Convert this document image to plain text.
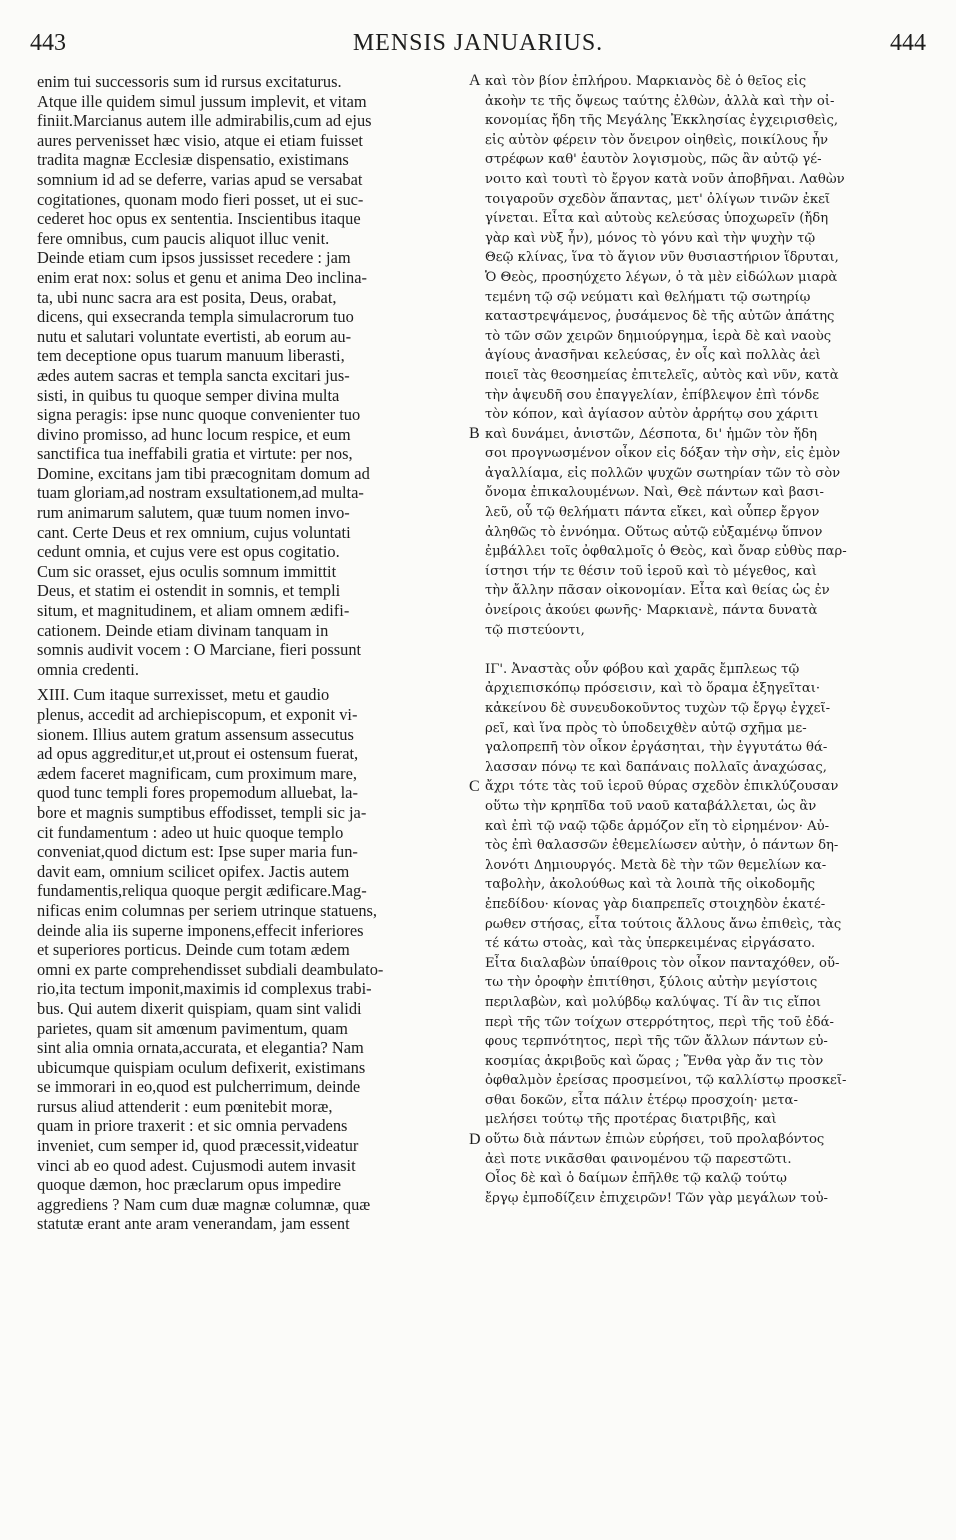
443	MENSIS JANUARIUS.	444
enim tui successoris sum id rursus excitaturus.
Atque ille quidem simul jussum implevit, et vitam
finiit.Marcianus autem ille admirabilis,cum ad ejus
aures pervenisset hæc visio, atque ei etiam fuisset
tradita magnæ Ecclesiæ dispensatio, existimans
somnium id ad se deferre, varias apud se versabat
cogitationes, quonam modo fieri posset, ut ei suc-
cederet hoc opus ex sententia. Inscientibus itaque
fere omnibus, cum paucis aliquot illuc venit.
Deinde etiam cum ipsos jussisset recedere : jam
enim erat nox: solus et genu et anima Deo inclina-
ta, ubi nunc sacra ara est posita, Deus, orabat,
dicens, qui exsecranda templa simulacrorum tuo
nutu et salutari voluntate evertisti, ab eorum au-
tem deceptione opus tuarum manuum liberasti,
ædes autem sacras et templa sancta excitari jus-
sisti, in quibus tu quoque semper divina multa
signa peragis: ipse nunc quoque convenienter tuo
divino promisso, ad hunc locum respice, et eum
sanctifica tua ineffabili gratia et virtute: per nos,
Domine, excitans jam tibi præcognitam domum ad
tuam gloriam,ad nostram exsultationem,ad multa-
rum animarum salutem, quæ tuum nomen invo-
cant. Certe Deus et rex omnium, cujus voluntati
cedunt omnia, et cujus vere est opus cogitatio.
Cum sic orasset, ejus oculis somnum immittit
Deus, et statim ei ostendit in somnis, et templi
situm, et magnitudinem, et aliam omnem ædifi-
cationem. Deinde etiam divinam tanquam in
somnis audivit vocem : O Marciane, fieri possunt
omnia credenti.
XIII. Cum itaque surrexisset, metu et gaudio
plenus, accedit ad archiepiscopum, et exponit vi-
sionem. Illius autem gratum assensum assecutus
ad opus aggreditur,et ut,prout ei ostensum fuerat,
ædem faceret magnificam, cum proximum mare,
quod tunc templi fores propemodum alluebat, la-
bore et magnis sumptibus effodisset, templi sic ja-
cit fundamentum : adeo ut huic quoque templo
conveniat,quod dictum est: Ipse super maria fun-
davit eam, omnium scilicet opifex. Jactis autem
fundamentis,reliqua quoque pergit ædificare.Mag-
nificas enim columnas per seriem utrinque statuens,
deinde alia iis superne imponens,effecit inferiores
et superiores porticus. Deinde cum totam ædem
omni ex parte comprehendisset subdiali deambulato-
rio,ita tectum imponit,maximis id complexus trabi-
bus. Qui autem dixerit quispiam, quam sint validi
parietes, quam sit amœnum pavimentum, quam
sint alia omnia ornata,accurata, et elegantia? Nam
ubicumque quispiam oculum defixerit, existimans
se immorari in eo,quod est pulcherrimum, deinde
rursus aliud attenderit : eum pœnitebit moræ,
quam in priore traxerit : et sic omnia pervadens
inveniet, cum semper id, quod præcessit,videatur
vinci ab eo quod adest. Cujusmodi autem invasit
quoque dæmon, hoc præclarum opus impedire
aggrediens ? Nam cum duæ magnæ columnæ, quæ
statutæ erant ante aram venerandam, jam essent
καὶ τὸν βίον ἐπλήρου. Μαρκιανὸς δὲ ὁ θεῖος εἰς
ἀκοὴν τε τῆς ὄψεως ταύτης ἐλθὼν, ἀλλὰ καὶ τὴν οἰ-
κονομίας ἤδη τῆς Μεγάλης Ἐκκλησίας ἐγχειρισθεὶς,
εἰς αὐτὸν φέρειν τὸν ὄνειρον οἰηθεὶς, ποικίλους ἦν
στρέφων καθ' ἑαυτὸν λογισμοὺς, πῶς ἂν αὐτῷ γέ-
νοιτο καὶ τουτὶ τὸ ἔργον κατὰ νοῦν ἀποβῆναι. Λαθὼν
τοιγαροῦν σχεδὸν ἅπαντας, μετ' ὀλίγων τινῶν ἐκεῖ
γίνεται. Εἶτα καὶ αὐτοὺς κελεύσας ὑποχωρεῖν (ἤδη
γὰρ καὶ νὺξ ἦν), μόνος τὸ γόνυ καὶ τὴν ψυχὴν τῷ
Θεῷ κλίνας, ἵνα τὸ ἅγιον νῦν θυσιαστήριον ἵδρυται,
Ὁ Θεὸς, προσηύχετο λέγων, ὁ τὰ μὲν εἰδώλων μιαρὰ
τεμένη τῷ σῷ νεύματι καὶ θελήματι τῷ σωτηρίῳ
καταστρεψάμενος, ῥυσάμενος δὲ τῆς αὐτῶν ἀπάτης
τὸ τῶν σῶν χειρῶν δημιούργημα, ἱερὰ δὲ καὶ ναοὺς
ἁγίους ἀνασῆναι κελεύσας, ἐν οἷς καὶ πολλὰς ἀεὶ
ποιεῖ τὰς θεοσημείας ἐπιτελεῖς, αὐτὸς καὶ νῦν, κατὰ
τὴν ἀψευδῆ σου ἐπαγγελίαν, ἐπίβλεψον ἐπὶ τόνδε
τὸν κόπον, καὶ ἁγίασον αὐτὸν ἀρρήτῳ σου χάριτι
καὶ δυνάμει, ἀνιστῶν, Δέσποτα, δι' ἡμῶν τὸν ἤδη
σοι προγνωσμένον οἶκον εἰς δόξαν τὴν σὴν, εἰς ἐμὸν
ἀγαλλίαμα, εἰς πολλῶν ψυχῶν σωτηρίαν τῶν τὸ σὸν
ὄνομα ἐπικαλουμένων. Ναὶ, Θεὲ πάντων καὶ βασι-
λεῦ, οὗ τῷ θελήματι πάντα εἴκει, καὶ οὗπερ ἔργον
ἀληθῶς τὸ ἐννόημα. Οὕτως αὐτῷ εὐξαμένῳ ὕπνον
ἐμβάλλει τοῖς ὀφθαλμοῖς ὁ Θεὸς, καὶ ὄναρ εὐθὺς παρ-
ίστησι τήν τε θέσιν τοῦ ἱεροῦ καὶ τὸ μέγεθος, καὶ
τὴν ἄλλην πᾶσαν οἰκονομίαν. Εἶτα καὶ θείας ὡς ἐν
ὀνείροις ἀκούει φωνῆς· Μαρκιανὲ, πάντα δυνατὰ
τῷ πιστεύοντι,
ΙΓ'. Ἀναστὰς οὖν φόβου καὶ χαρᾶς ἔμπλεως τῷ
ἀρχιεπισκόπῳ πρόσεισιν, καὶ τὸ ὅραμα ἐξηγεῖται·
κἀκείνου δὲ συνευδοκοῦντος τυχὼν τῷ ἔργῳ ἐγχεῖ-
ρεῖ, καὶ ἵνα πρὸς τὸ ὑποδειχθὲν αὐτῷ σχῆμα με-
γαλοπρεπῆ τὸν οἶκον ἐργάσηται, τὴν ἐγγυτάτω θά-
λασσαν πόνῳ τε καὶ δαπάναις πολλαῖς ἀναχώσας,
ἄχρι τότε τὰς τοῦ ἱεροῦ θύρας σχεδὸν ἐπικλύζουσαν
οὕτω τὴν κρηπῖδα τοῦ ναοῦ καταβάλλεται, ὡς ἂν
καὶ ἐπὶ τῷ ναῷ τῷδε ἁρμόζον εἴη τὸ εἰρημένον· Αὐ-
τὸς ἐπὶ θαλασσῶν ἐθεμελίωσεν αὐτὴν, ὁ πάντων δη-
λονότι Δημιουργός. Μετὰ δὲ τὴν τῶν θεμελίων κα-
ταβολὴν, ἀκολούθως καὶ τὰ λοιπὰ τῆς οἰκοδομῆς
ἐπεδίδου· κίονας γὰρ διαπρεπεῖς στοιχηδὸν ἑκατέ-
ρωθεν στήσας, εἶτα τούτοις ἄλλους ἄνω ἐπιθεὶς, τὰς
τέ κάτω στοὰς, καὶ τὰς ὑπερκειμένας εἰργάσατο.
Εἶτα διαλαβὼν ὑπαίθροις τὸν οἶκον πανταχόθεν, οὕ-
τω τὴν ὀροφὴν ἐπιτίθησι, ξύλοις αὐτὴν μεγίστοις
περιλαβὼν, καὶ μολύβδῳ καλύψας. Τί ἂν τις εἴποι
περὶ τῆς τῶν τοίχων στερρότητος, περὶ τῆς τοῦ ἐδά-
φους τερπνότητος, περὶ τῆς τῶν ἄλλων πάντων εὐ-
κοσμίας ἀκριβοῦς καὶ ὥρας ; Ἔνθα γὰρ ἄν τις τὸν
ὀφθαλμὸν ἐρείσας προσμείνοι, τῷ καλλίστῳ προσκεῖ-
σθαι δοκῶν, εἶτα πάλιν ἑτέρῳ προσχοίη· μετα-
μελήσει τούτῳ τῆς προτέρας διατριβῆς, καὶ
οὕτω διὰ πάντων ἐπιὼν εὑρήσει, τοῦ προλαβόντος
ἀεὶ ποτε νικᾶσθαι φαινομένου τῷ παρεστῶτι.
Οἷος δὲ καὶ ὁ δαίμων ἐπῆλθε τῷ καλῷ τούτῳ
ἔργῳ ἐμποδίζειν ἐπιχειρῶν! Τῶν γὰρ μεγάλων τοὐ-
A
B
C
D
